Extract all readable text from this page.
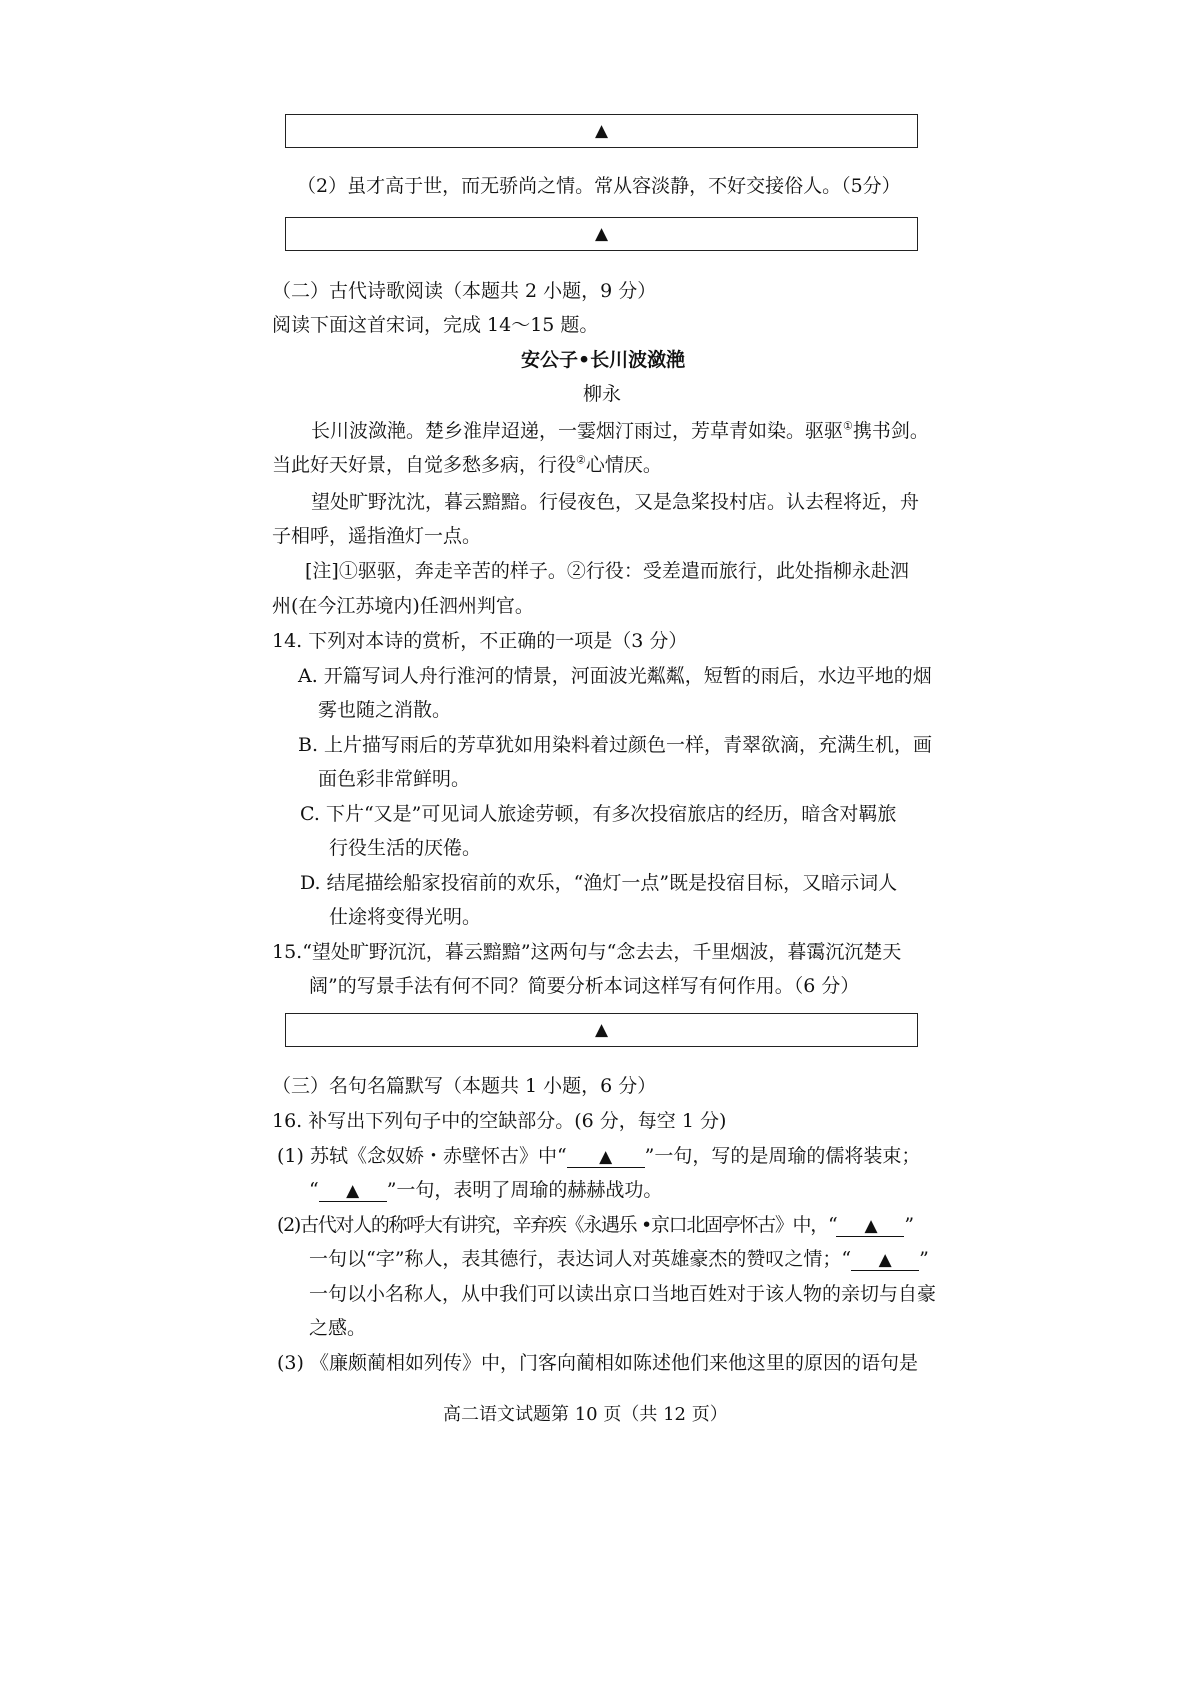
▲
（2）虽才高于世，而无骄尚之情。常从容淡静，不好交接俗人。（5分）
▲
（二）古代诗歌阅读（本题共 2 小题，9 分）
阅读下面这首宋词，完成 14～15 题。
安公子•长川波潋滟
柳永
长川波潋滟。楚乡淮岸迢递，一霎烟汀雨过，芳草青如染。驱驱①携书剑。
当此好天好景，自觉多愁多病，行役②心情厌。
望处旷野沈沈，暮云黯黯。行侵夜色，又是急桨投村店。认去程将近，舟
子相呼，遥指渔灯一点。
[注]①驱驱，奔走辛苦的样子。②行役：受差遣而旅行，此处指柳永赴泗
州(在今江苏境内)任泗州判官。
14. 下列对本诗的赏析，不正确的一项是（3 分）
A. 开篇写词人舟行淮河的情景，河面波光粼粼，短暂的雨后，水边平地的烟
雾也随之消散。
B. 上片描写雨后的芳草犹如用染料着过颜色一样，青翠欲滴，充满生机，画
面色彩非常鲜明。
C. 下片“又是”可见词人旅途劳顿，有多次投宿旅店的经历，暗含对羁旅
行役生活的厌倦。
D. 结尾描绘船家投宿前的欢乐，“渔灯一点”既是投宿目标，又暗示词人
仕途将变得光明。
15.“望处旷野沉沉，暮云黯黯”这两句与“念去去，千里烟波，暮霭沉沉楚天
阔”的写景手法有何不同？简要分析本词这样写有何作用。（6 分）
▲
（三）名句名篇默写（本题共 1 小题，6 分）
16. 补写出下列句子中的空缺部分。(6 分，每空 1 分)
(1) 苏轼《念奴娇・赤壁怀古》中“ ▲ ”一句，写的是周瑜的儒将装束；
“ ▲ ”一句，表明了周瑜的赫赫战功。
(2)古代对人的称呼大有讲究，辛弃疾《永遇乐 •京口北固亭怀古》中，“ ▲ ”
一句以“字”称人，表其德行，表达词人对英雄豪杰的赞叹之情；“ ▲ ”
一句以小名称人，从中我们可以读出京口当地百姓对于该人物的亲切与自豪
之感。
(3) 《廉颇蔺相如列传》中，门客向蔺相如陈述他们来他这里的原因的语句是
高二语文试题第 10 页（共 12 页）
